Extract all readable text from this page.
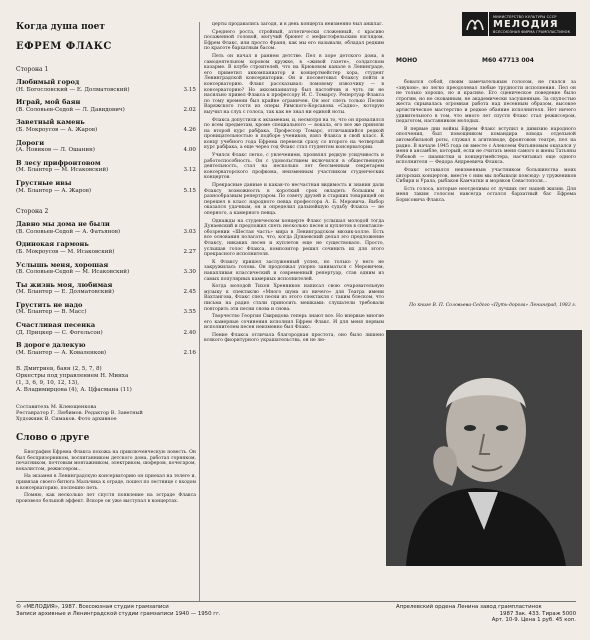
Когда душа поет
ЕФРЕМ ФЛАКС
Сторона 1
Любимый город
(Н. Богословский — Е. Долматовский)	3.15
Играй, мой баян
(В. Соловьев-Седой — Л. Давидович)	2.02
Заветный камень
(Б. Мокроусов — А. Жаров)	4.26
Дороги
(А. Новиков — Л. Ошанин)	4.00
В лесу прифронтовом
(М. Блантер — М. Исаковский)	3.12
Грустные ивы
(М. Блантер — А. Жаров)	5.15
Сторона 2
Давно мы дома не были
(В. Соловьев-Седой — А. Фатьянов)	3.03
Одинокая гармонь
(Б. Мокроусов — М. Исаковский)	2.27
Услышь меня, хорошая
(В. Соловьев-Седой — М. Исаковский)	3.30
Ты жизнь моя, любимая
(М. Блантер — Е. Долматовский)	2.45
Грустить не надо
(М. Блантер — В. Масс)	3.55
Счастливая песенка
(Д. Прицкер — С. Фогельсон)	2.40
В дороге далекую
(М. Блантер — А. Коваленков)	2.16
В. Дмитриев, баян (2, 5, 7, 8)
Оркестры под управлением Н. Минха
(1, 3, 6, 9, 10, 12, 13),
А. Владимирцова (4), А. Цфасмана (11)
Составитель М. Клеющенкова
Реставратор Г. Любимов. Редактор В. Заветный
Художник В. Симаков. Фото архивное
Слово о друге

Биография Ефрема Флакса похожа на приключенческую повесть. Он был беспризорником, воспитанником детского дома, работал горняком, печатником, почтовым монтажником, электриком, шофером, кочегаром, вокалистом, режиссером...

На экзамен в Ленинградскую консерваторию он приехал на телеге и, привязав своего битюга Мальчика к ограде, пошел по лестнице с входом в консерваторию, поспешно петь.

Помню, как несколько лет спустя появление на эстраде Флакса произвело большой эффект. Вскоре он уже выступал в концертах.

церты продавались загодя, и в день концерта неизменно был аншлаг.

Среднего роста, стройный, атлетически сложенный, с красиво посаженной головой, могучий брюнет с мефистофельским взглядом, Ефрем Флакс, или просто Франя, как мы его называли, обладал редким по красоте бархатным басом.

Петь он начал в раннем детстве. Пел в хоре детского дома, в самодеятельном хоровом кружке, в «живой газете», солдатском казарме. В клубе строителей, что на Крюковом канале в Ленинграде, его приметил аккомпаниатор и концертмейстер хора, студент Ленинградской консерватории. Он и посоветовал Флаксу пойти в консерваторию. Флакс рассказывал: ломовому извозчику — в консерваторию? Но аккомпаниатор был настойчив и чуть ли не насильно привел Флакса к профессору И. С. Томарсу. Репертуар Флакса по тому времени был крайне ограничен. Он мог спеть только Песню Варяжского гостя из оперы Римского-Корсакова «Садко», которую выучил на слух с голоса, так как не знал ни единой ноты.

Флакса допустили к экзаменам, и, несмотря на то, что он провалился по всем предметам, кроме специального — вокала, его все же приняли на второй курс рабфака. Профессор Томарс, отличавшийся редкой проницательностью в подборе учеников, взял Флакса в свой класс. К концу учебного года Ефрема перевели сразу со второго на четвертый курс рабфака, а еще через год Флакс стал студентом консерватории.

Учился Флакс легко, с увлечением, проявлял редкую усидчивость и работоспособность. Он с удовольствием включился в общественную деятельность, стал на несколько лет бессменным секретарем консерваторского профкома, неизменным участником студенческих концертов.

Прекрасные данные и какая-то несчастная видимость и знания дали Флаксу возможность в короткий срок овладеть большим и разнообразным репертуаром. По совету друзей и старших товарищей он перешел в класс народного певца профессора А. Б. Меровича. Выбор оказался удачным, он и определил дальнейшую судьбу Флакса — не оперного, а камерного певца.

Однажды на студенческом концерте Флакс услышал молодой тогда Дунаевский и предложил спеть несколько песен и куплетов в спектакле-обозрении «Шестая часть» мира в Ленинградском мюзик-холле. Есть все основания полагать, что, когда Дунаевский делал это предложение Флаксу, никаких песен и куплетов еще не существовало. Просто, услышав голос Флакса, композитор решил сочинить их для этого прекрасного исполнителя.

К Флаксу пришел заслуженный успех, но только у него не закружилась голова. Он продолжал упорно заниматься с Меровичем, накапливая классический и современный репертуар, став одним из самых популярных камерных исполнителей.

Когда молодой Тихон Хренников написал свою очаровательную музыку к спектаклю «Много шума из ничего» для Театра имени Вахтангова, Флакс спел песни из этого спектакля с таким блеском, что письма на радио стали приносить мешками: слушатели требовали повторить эти песни снова и снова.

Творчество Георгия Свиридова теперь знают все. Но впервые многие его камерные сочинения исполнил Ефрем Флакс. И для меня первым исполнителем песен неизменно был Флакс.

Пение Флакса отличала благородная простота, оно было лишено всякого фиоритурного украшательства, он не лю-

МИНИСТЕРСТВО КУЛЬТУРЫ СССР
МЕЛОДИЯ
ВСЕСОЮЗНАЯ ФИРМА ГРАМПЛАСТИНОК
МОНО	М60 47713 004

бовался собой, своим замечательным голосом, не гнался за «звуком», но легко преодолевал любые трудности исполнения. Пел он не только хорошо, но и красиво. Его сценическое поведение было строгим, но не скованным, не академически засушенным. За скупостью жеста скрывалась огромная работа над песенным образом, высокое артистическое мастерство и редкое обаяние исполнителя. Нет ничего удивительного в том, что много лет спустя Флакс стал режиссером, педагогом, наставником молодых.

В первые дни войны Ефрем Флакс вступил в дивизию народного ополчения, был помощником командира взвода отдельной автомобильной роты, служил в агитвзводе, фронтовом театре, пел на радио. В начале 1945 года он вместе с Алексеем Фатьяновым оказался у меня в ансамбле, который, если не считать меня самого и жены Татьяны Рябовой — пианистки и концертмейстера, насчитывал еще одного исполнителя — Федора Андреевича Флакса.

Флакс оставался неизменным участником большинства моих авторских концертов, вместе с ним мы побывали повсюду: у тружеников Сибири и Урала, рыбаков Камчатки и моряков Севастополя...

Есть голоса, которые неотделимы от лучших лет нашей жизни. Для меня таким голосом навсегда остался бархатный бас Ефрема Борисовича Флакса.

По книге В. П. Соловьева-Седого «Путь-дорога» Ленинград, 1983 г.
© «МЕЛОДИЯ», 1987. Всесоюзная студия грамзаписи
Записи архивные и Ленинградской студии грамзаписи 1940 — 1950 гг.
Апрелевский ордена Ленина завод грампластинок
1987 Зак. 433. Тираж 5000
Арт. 10-9. Цена 1 руб. 45 коп.
